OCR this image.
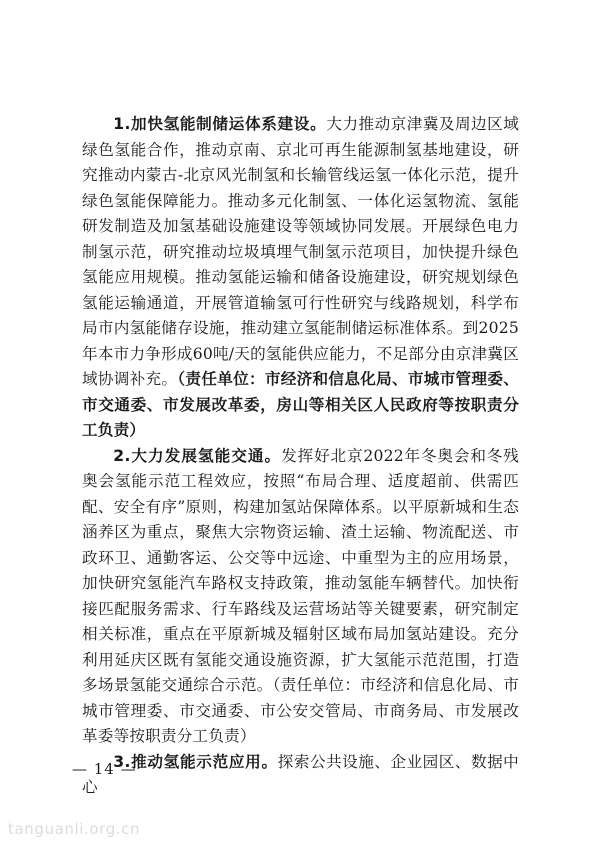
1.加快氢能制储运体系建设。大力推动京津冀及周边区域绿色氢能合作，推动京南、京北可再生能源制氢基地建设，研究推动内蒙古-北京风光制氢和长输管线运氢一体化示范，提升绿色氢能保障能力。推动多元化制氢、一体化运氢物流、氢能研发制造及加氢基础设施建设等领域协同发展。开展绿色电力制氢示范，研究推动垃圾填埋气制氢示范项目，加快提升绿色氢能应用规模。推动氢能运输和储备设施建设，研究规划绿色氢能运输通道，开展管道输氢可行性研究与线路规划，科学布局市内氢能储存设施，推动建立氢能制储运标准体系。到2025年本市力争形成60吨/天的氢能供应能力，不足部分由京津冀区域协调补充。（责任单位：市经济和信息化局、市城市管理委、市交通委、市发展改革委，房山等相关区人民政府等按职责分工负责）

2.大力发展氢能交通。发挥好北京2022年冬奥会和冬残奥会氢能示范工程效应，按照“布局合理、适度超前、供需匹配、安全有序”原则，构建加氢站保障体系。以平原新城和生态涵养区为重点，聚焦大宗物资运输、渣土运输、物流配送、市政环卫、通勤客运、公交等中远途、中重型为主的应用场景，加快研究氢能汽车路权支持政策，推动氢能车辆替代。加快衔接匹配服务需求、行车路线及运营场站等关键要素，研究制定相关标准，重点在平原新城及辐射区域布局加氢站建设。充分利用延庆区既有氢能交通设施资源，扩大氢能示范范围，打造多场景氢能交通综合示范。（责任单位：市经济和信息化局、市城市管理委、市交通委、市公安交管局、市商务局、市发展改革委等按职责分工负责）

3.推动氢能示范应用。探索公共设施、企业园区、数据中心

— 14 —
tanguanli.org.cn
